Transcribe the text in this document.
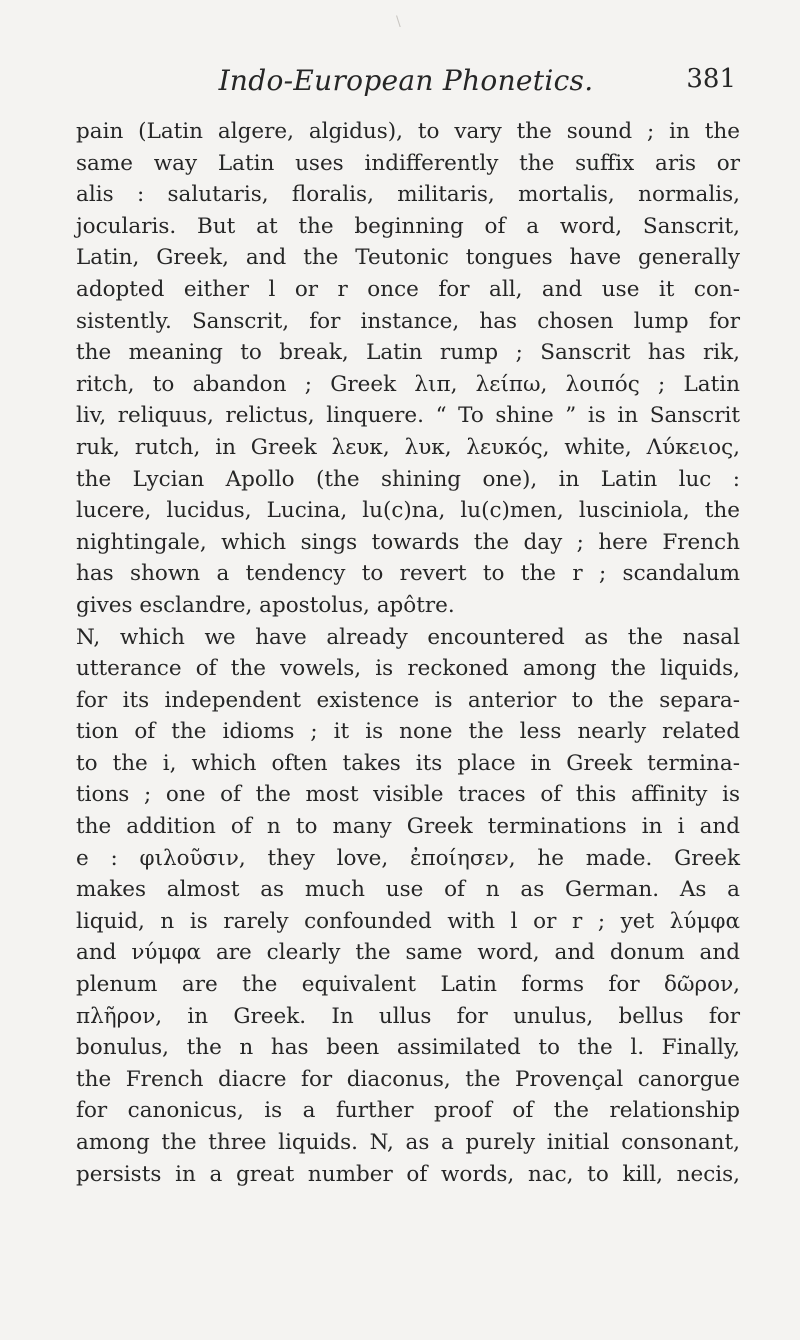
\
Indo-European Phonetics.	381
pain (Latin algere, algidus), to vary the sound ; in the
same way Latin uses indifferently the suffix aris or
alis : salutaris, floralis, militaris, mortalis, normalis,
jocularis. But at the beginning of a word, Sanscrit,
Latin, Greek, and the Teutonic tongues have generally
adopted either l or r once for all, and use it con-
sistently. Sanscrit, for instance, has chosen lump for
the meaning to break, Latin rump ; Sanscrit has rik,
ritch, to abandon ; Greek λιπ, λείπω, λοιπός ; Latin
liv, reliquus, relictus, linquere. “ To shine ” is in Sanscrit
ruk, rutch, in Greek λευκ, λυκ, λευκός, white, Λύκειος,
the Lycian Apollo (the shining one), in Latin luc :
lucere, lucidus, Lucina, lu(c)na, lu(c)men, lusciniola, the
nightingale, which sings towards the day ; here French
has shown a tendency to revert to the r ; scandalum
gives esclandre, apostolus, apôtre.
N, which we have already encountered as the nasal
utterance of the vowels, is reckoned among the liquids,
for its independent existence is anterior to the separa-
tion of the idioms ; it is none the less nearly related
to the i, which often takes its place in Greek termina-
tions ; one of the most visible traces of this affinity is
the addition of n to many Greek terminations in i and
e : φιλοῦσιν, they love, ἐποίησεν, he made. Greek
makes almost as much use of n as German. As a
liquid, n is rarely confounded with l or r ; yet λύμφα
and νύμφα are clearly the same word, and donum and
plenum are the equivalent Latin forms for δῶρον,
πλῆρον, in Greek. In ullus for unulus, bellus for
bonulus, the n has been assimilated to the l. Finally,
the French diacre for diaconus, the Provençal canorgue
for canonicus, is a further proof of the relationship
among the three liquids. N, as a purely initial consonant,
persists in a great number of words, nac, to kill, necis,
